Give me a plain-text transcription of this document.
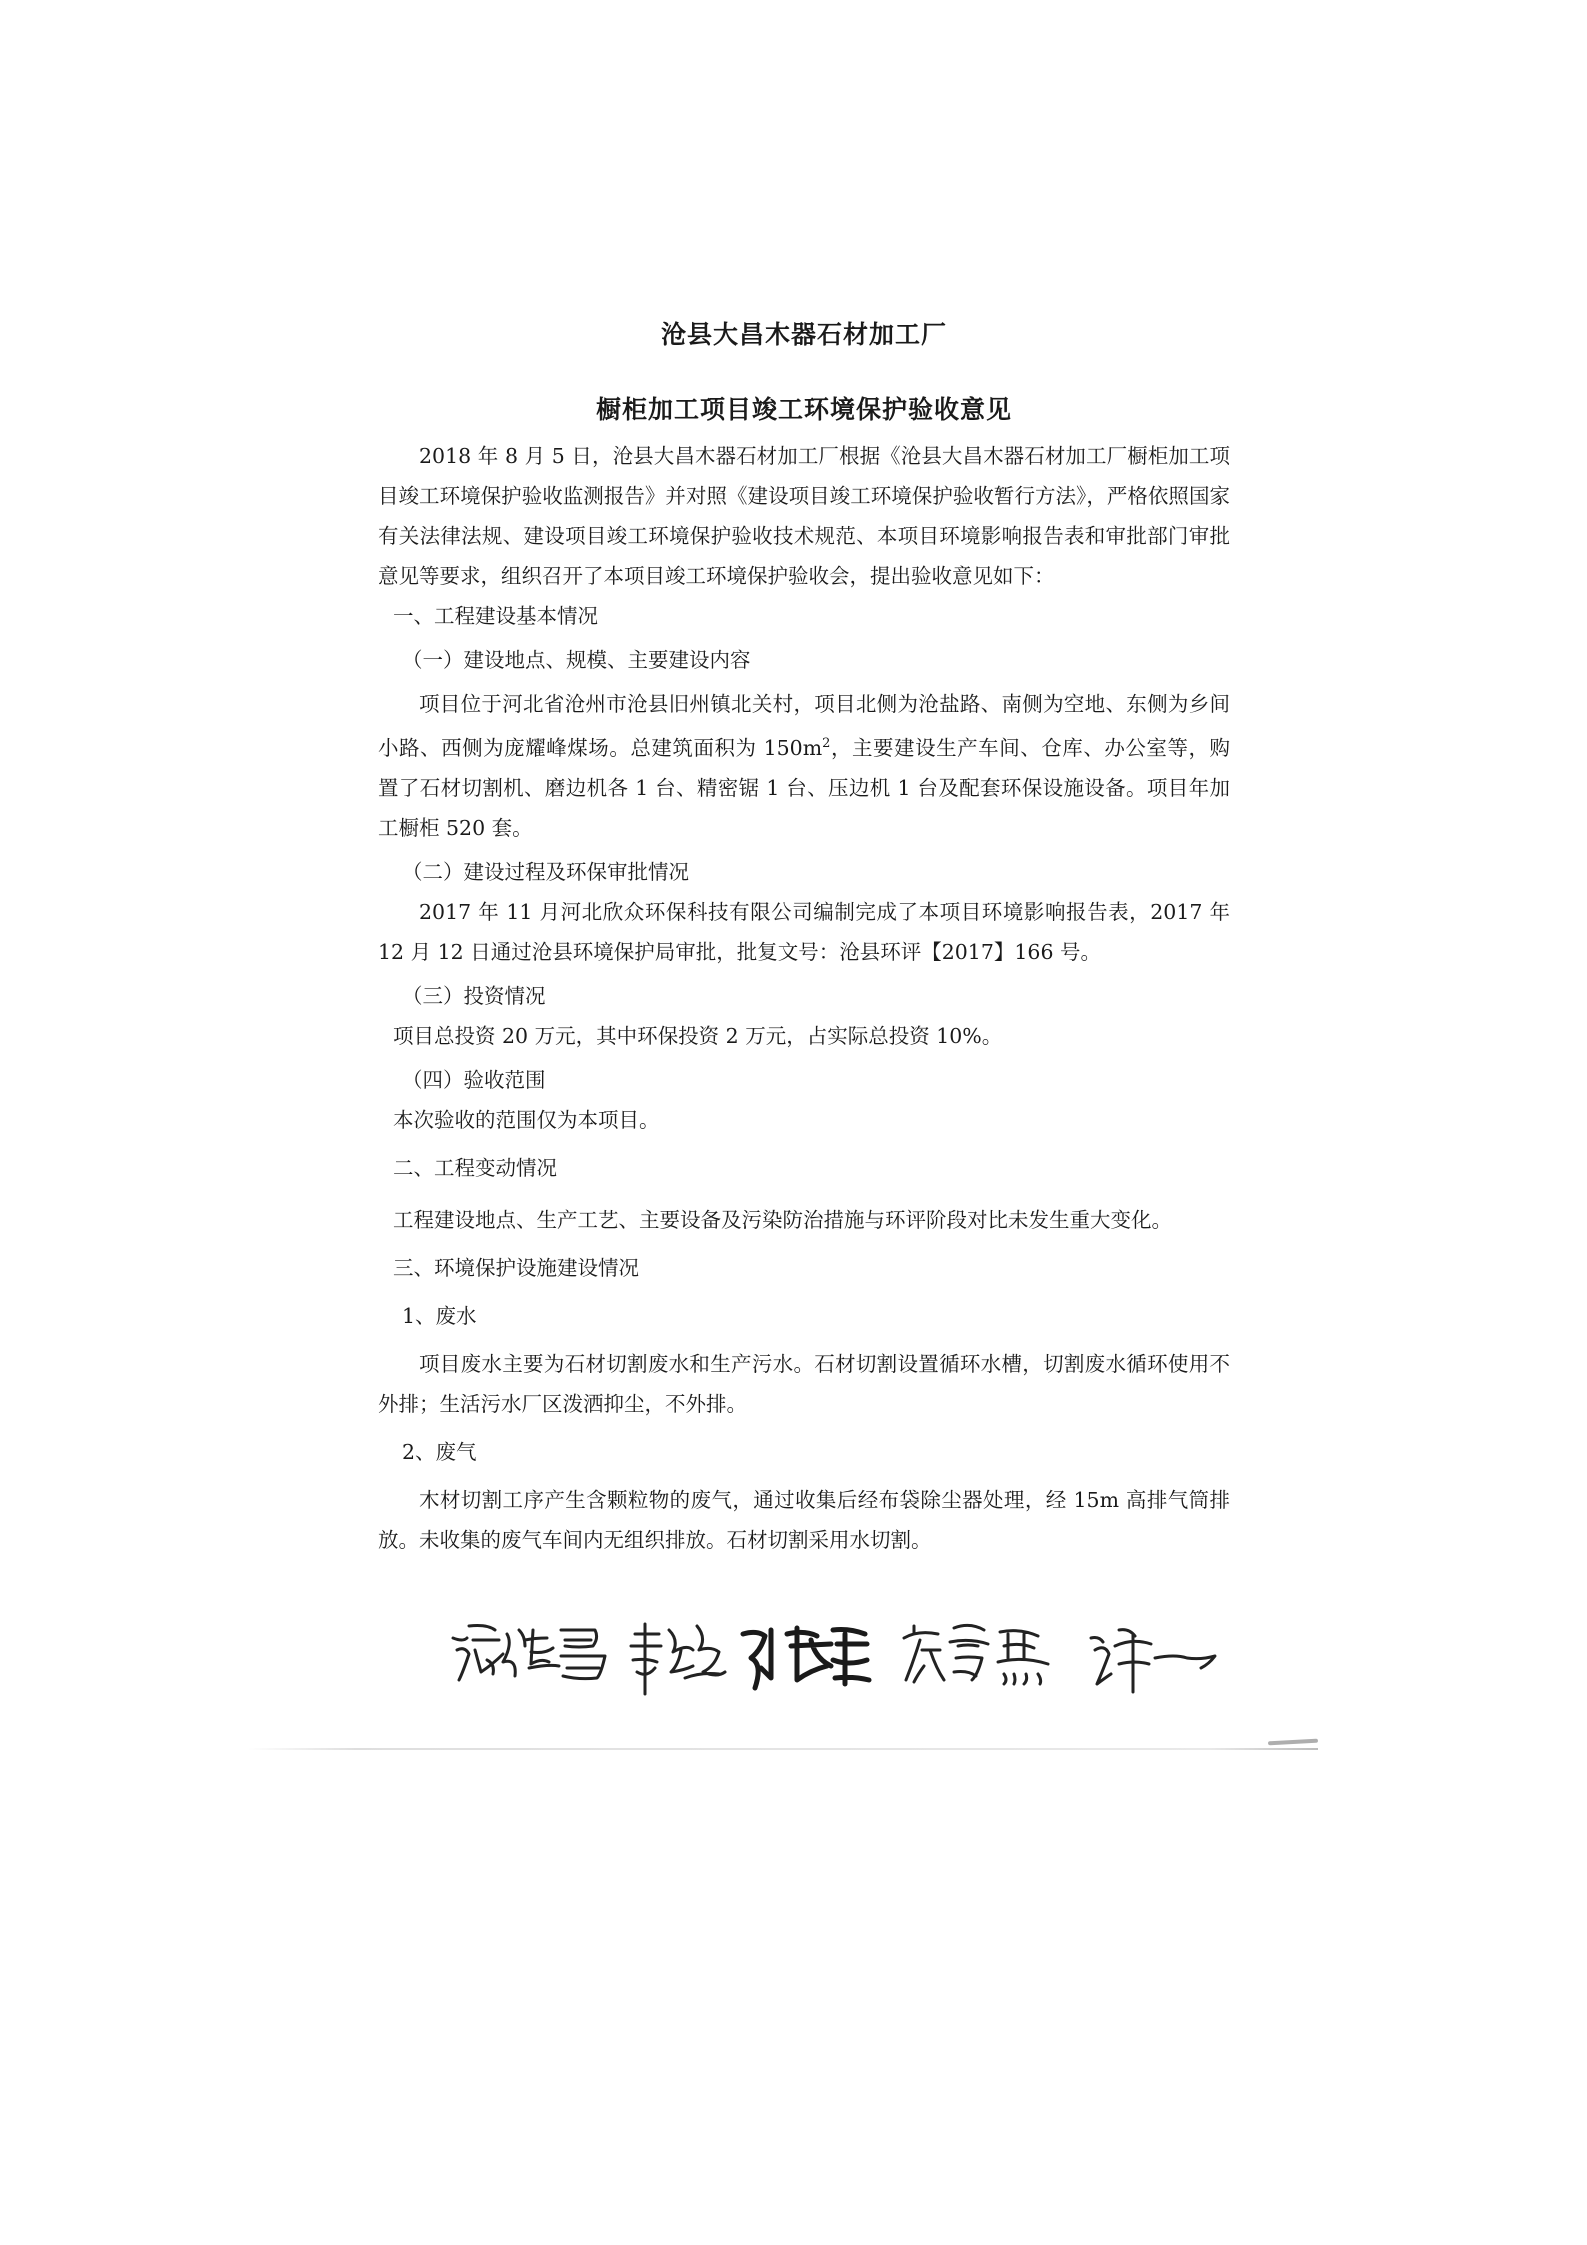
沧县大昌木器石材加工厂
橱柜加工项目竣工环境保护验收意见

2018 年 8 月 5 日，沧县大昌木器石材加工厂根据《沧县大昌木器石材加工厂橱柜加工项目竣工环境保护验收监测报告》并对照《建设项目竣工环境保护验收暂行方法》，严格依照国家有关法律法规、建设项目竣工环境保护验收技术规范、本项目环境影响报告表和审批部门审批意见等要求，组织召开了本项目竣工环境保护验收会，提出验收意见如下：

一、工程建设基本情况

（一）建设地点、规模、主要建设内容

项目位于河北省沧州市沧县旧州镇北关村，项目北侧为沧盐路、南侧为空地、东侧为乡间小路、西侧为庞耀峰煤场。总建筑面积为 $150m^2$，主要建设生产车间、仓库、办公室等，购置了石材切割机、磨边机各 1 台、精密锯 1 台、压边机 1 台及配套环保设施设备。项目年加工橱柜 520 套。

（二）建设过程及环保审批情况

2017 年 11 月河北欣众环保科技有限公司编制完成了本项目环境影响报告表，2017 年 12 月 12 日通过沧县环境保护局审批，批复文号：沧县环评【2017】166 号。

（三）投资情况

项目总投资 20 万元，其中环保投资 2 万元，占实际总投资 10%。

（四）验收范围

本次验收的范围仅为本项目。

二、工程变动情况

工程建设地点、生产工艺、主要设备及污染防治措施与环评阶段对比未发生重大变化。

三、环境保护设施建设情况

1、废水

项目废水主要为石材切割废水和生产污水。石材切割设置循环水槽，切割废水循环使用不外排；生活污水厂区泼洒抑尘，不外排。

2、废气

木材切割工序产生含颗粒物的废气，通过收集后经布袋除尘器处理，经 15m 高排气筒排放。未收集的废气车间内无组织排放。石材切割采用水切割。
